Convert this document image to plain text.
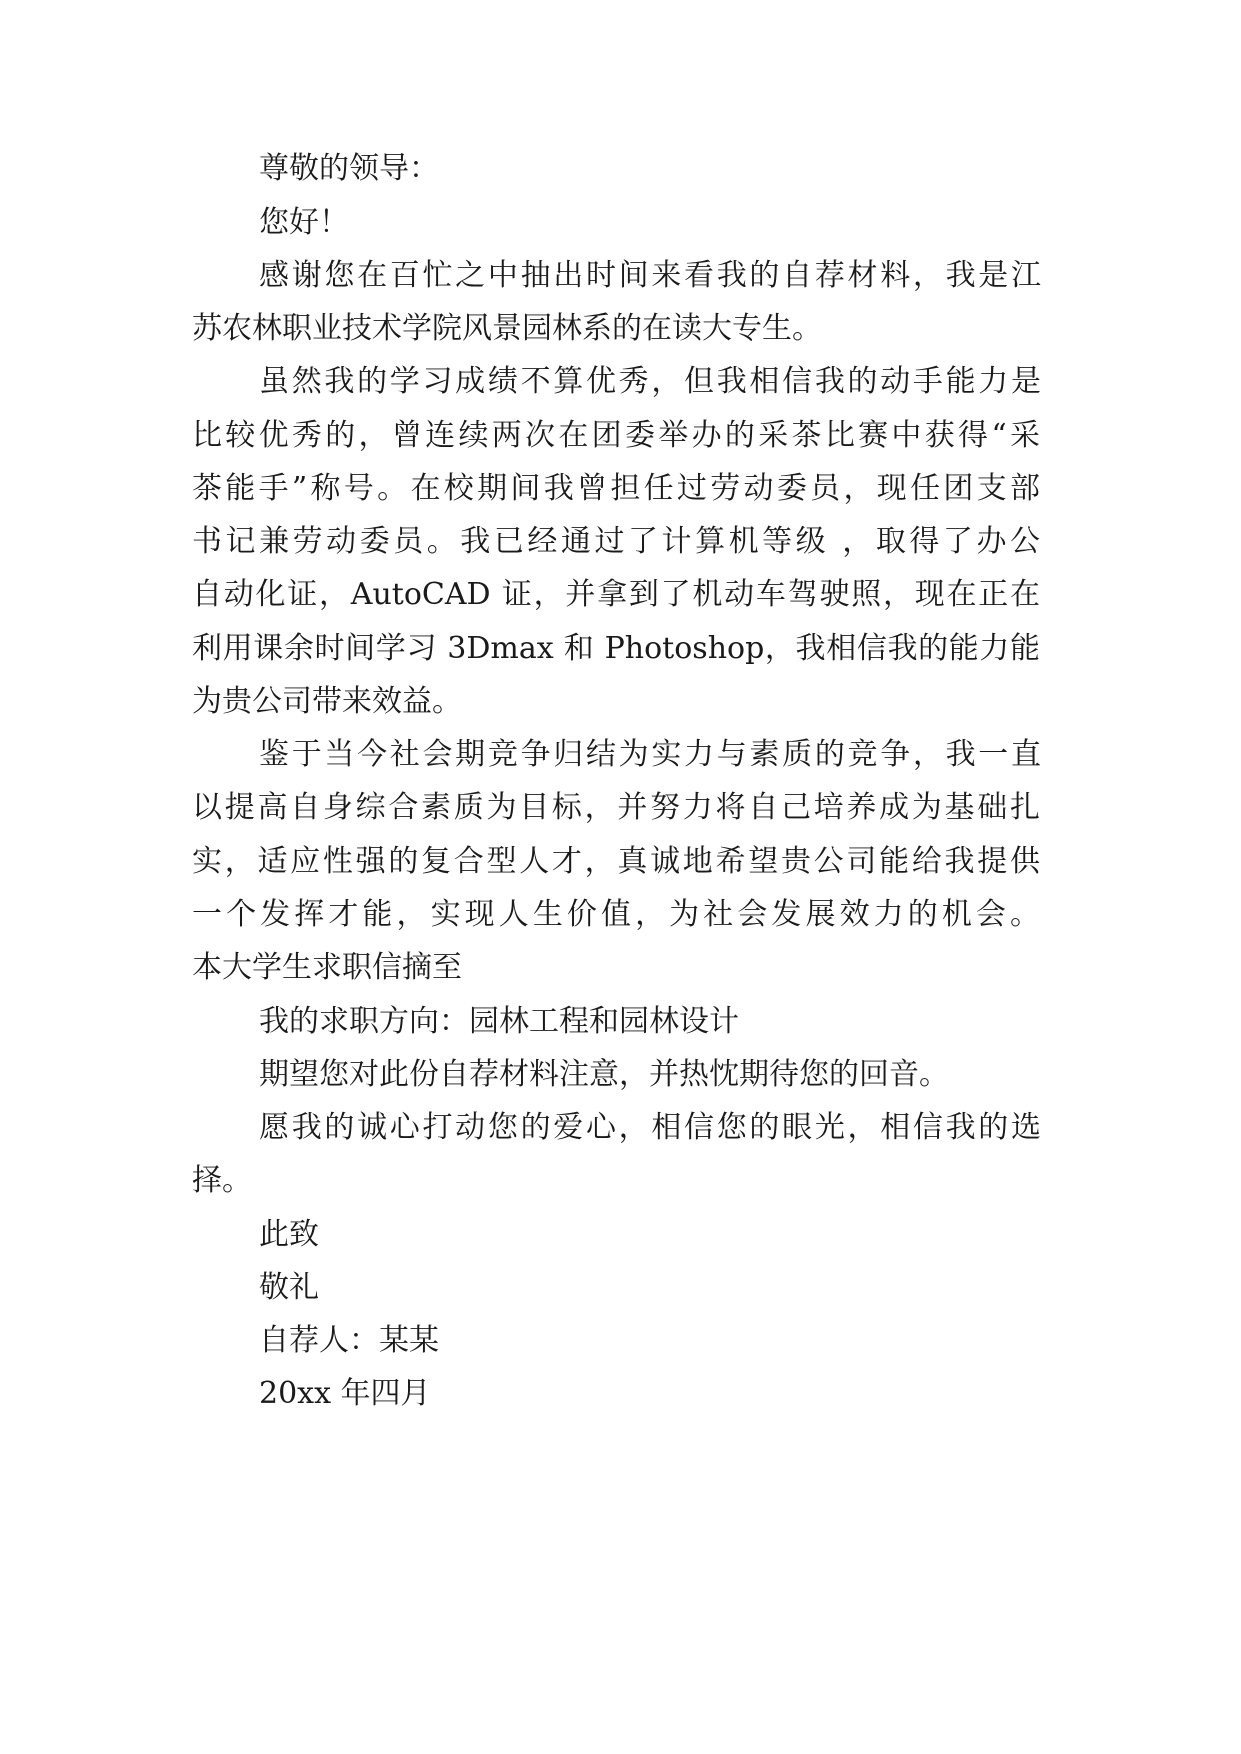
尊敬的领导：
您好！
感谢您在百忙之中抽出时间来看我的自荐材料，我是江
苏农林职业技术学院风景园林系的在读大专生。
虽然我的学习成绩不算优秀，但我相信我的动手能力是
比较优秀的，曾连续两次在团委举办的采茶比赛中获得“采
茶能手”称号。在校期间我曾担任过劳动委员，现任团支部
书记兼劳动委员。我已经通过了计算机等级 ，取得了办公
自动化证，AutoCAD 证，并拿到了机动车驾驶照，现在正在
利用课余时间学习 3Dmax 和 Photoshop，我相信我的能力能
为贵公司带来效益。
鉴于当今社会期竞争归结为实力与素质的竞争，我一直
以提高自身综合素质为目标，并努力将自己培养成为基础扎
实，适应性强的复合型人才，真诚地希望贵公司能给我提供
一个发挥才能，实现人生价值，为社会发展效力的机会。
本大学生求职信摘至
我的求职方向：园林工程和园林设计
期望您对此份自荐材料注意，并热忱期待您的回音。
愿我的诚心打动您的爱心，相信您的眼光，相信我的选
择。
此致
敬礼
自荐人：某某
20xx 年四月
